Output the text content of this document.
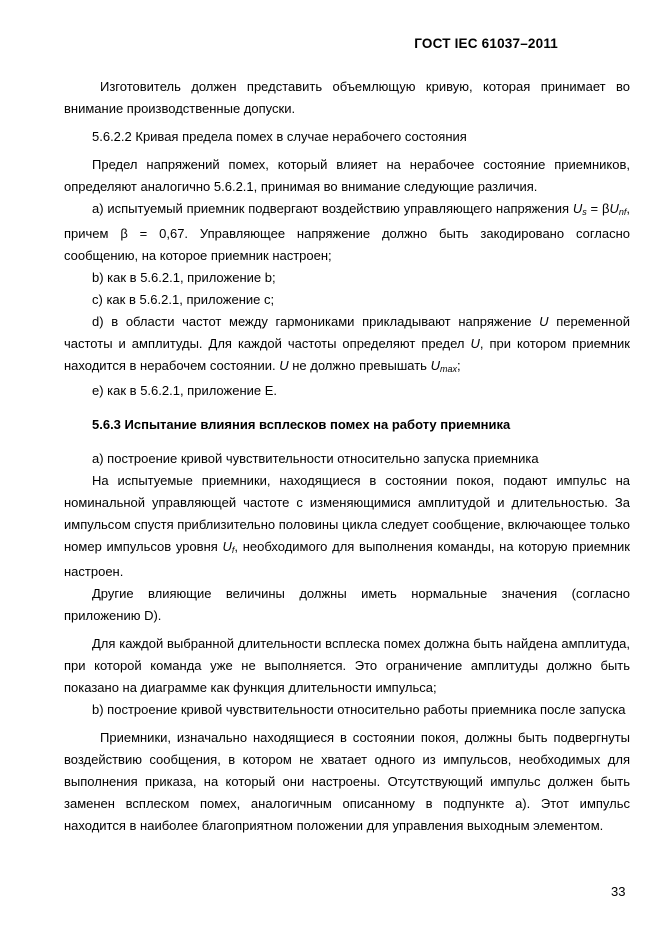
ГОСТ IEC 61037–2011

Изготовитель должен представить объемлющую кривую, которая принимает во внимание производственные допуски.

5.6.2.2 Кривая предела помех в случае нерабочего состояния

Предел напряжений помех, который влияет на нерабочее состояние приемников, определяют аналогично 5.6.2.1, принимая во внимание следующие различия.

а) испытуемый приемник подвергают воздействию управляющего напряжения $U_s = \beta U_{nf}$, причем β = 0,67. Управляющее напряжение должно быть закодировано согласно сообщению, на которое приемник настроен;

b) как в 5.6.2.1, приложение b;

c) как в 5.6.2.1, приложение c;

d) в области частот между гармониками прикладывают напряжение U переменной частоты и амплитуды. Для каждой частоты определяют предел U, при котором приемник находится в нерабочем состоянии. U не должно превышать $U_{max}$;

e) как в 5.6.2.1, приложение E.

5.6.3 Испытание влияния всплесков помех на работу приемника

а) построение кривой чувствительности относительно запуска приемника

На испытуемые приемники, находящиеся в состоянии покоя, подают импульс на номинальной управляющей частоте с изменяющимися амплитудой и длительностью. За импульсом спустя приблизительно половины цикла следует сообщение, включающее только номер импульсов уровня $U_f$, необходимого для выполнения команды, на которую приемник настроен.

Другие влияющие величины должны иметь нормальные значения (согласно приложению D).

Для каждой выбранной длительности всплеска помех должна быть найдена амплитуда, при которой команда уже не выполняется. Это ограничение амплитуды должно быть показано на диаграмме как функция длительности импульса;

b) построение кривой чувствительности относительно работы приемника после запуска

Приемники, изначально находящиеся в состоянии покоя, должны быть подвергнуты воздействию сообщения, в котором не хватает одного из импульсов, необходимых для выполнения приказа, на который они настроены. Отсутствующий импульс должен быть заменен всплеском помех, аналогичным описанному в подпункте а). Этот импульс находится в наиболее благоприятном положении для управления выходным элементом.

33
